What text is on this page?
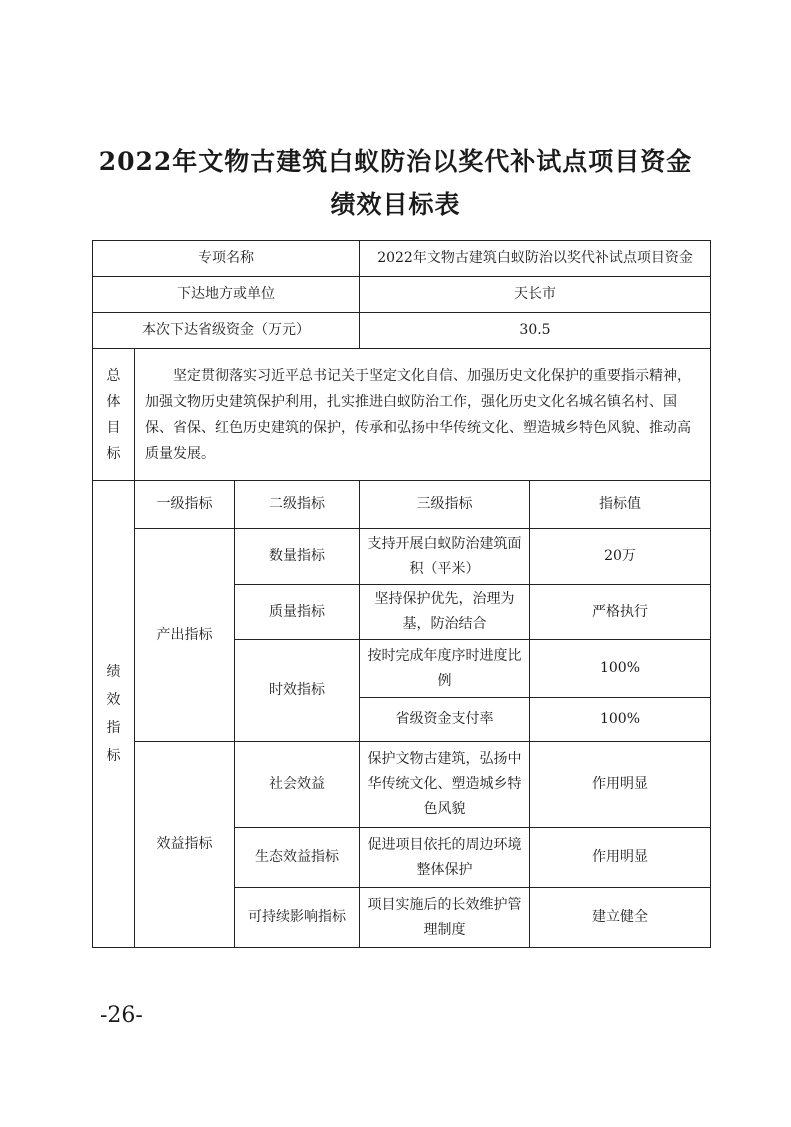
2022年文物古建筑白蚁防治以奖代补试点项目资金
绩效目标表
专项名称			2022年文物古建筑白蚁防治以奖代补试点项目资金	
下达地方或单位			天长市	
本次下达省级资金（万元）			30.5	
总体目标	坚定贯彻落实习近平总书记关于坚定文化自信、加强历史文化保护的重要指示精神，加强文物历史建筑保护利用，扎实推进白蚁防治工作，强化历史文化名城名镇名村、国保、省保、红色历史建筑的保护，传承和弘扬中华传统文化、塑造城乡特色风貌、推动高质量发展。			
绩效指标	一级指标	二级指标	三级指标	指标值
	产出指标	数量指标	支持开展白蚁防治建筑面积（平米）	20万
		质量指标	坚持保护优先，治理为基，防治结合	严格执行
		时效指标	按时完成年度序时进度比例	100%
			省级资金支付率	100%
	效益指标	社会效益	保护文物古建筑，弘扬中华传统文化、塑造城乡特色风貌	作用明显
		生态效益指标	促进项目依托的周边环境整体保护	作用明显
		可持续影响指标	项目实施后的长效维护管理制度	建立健全
-26-
